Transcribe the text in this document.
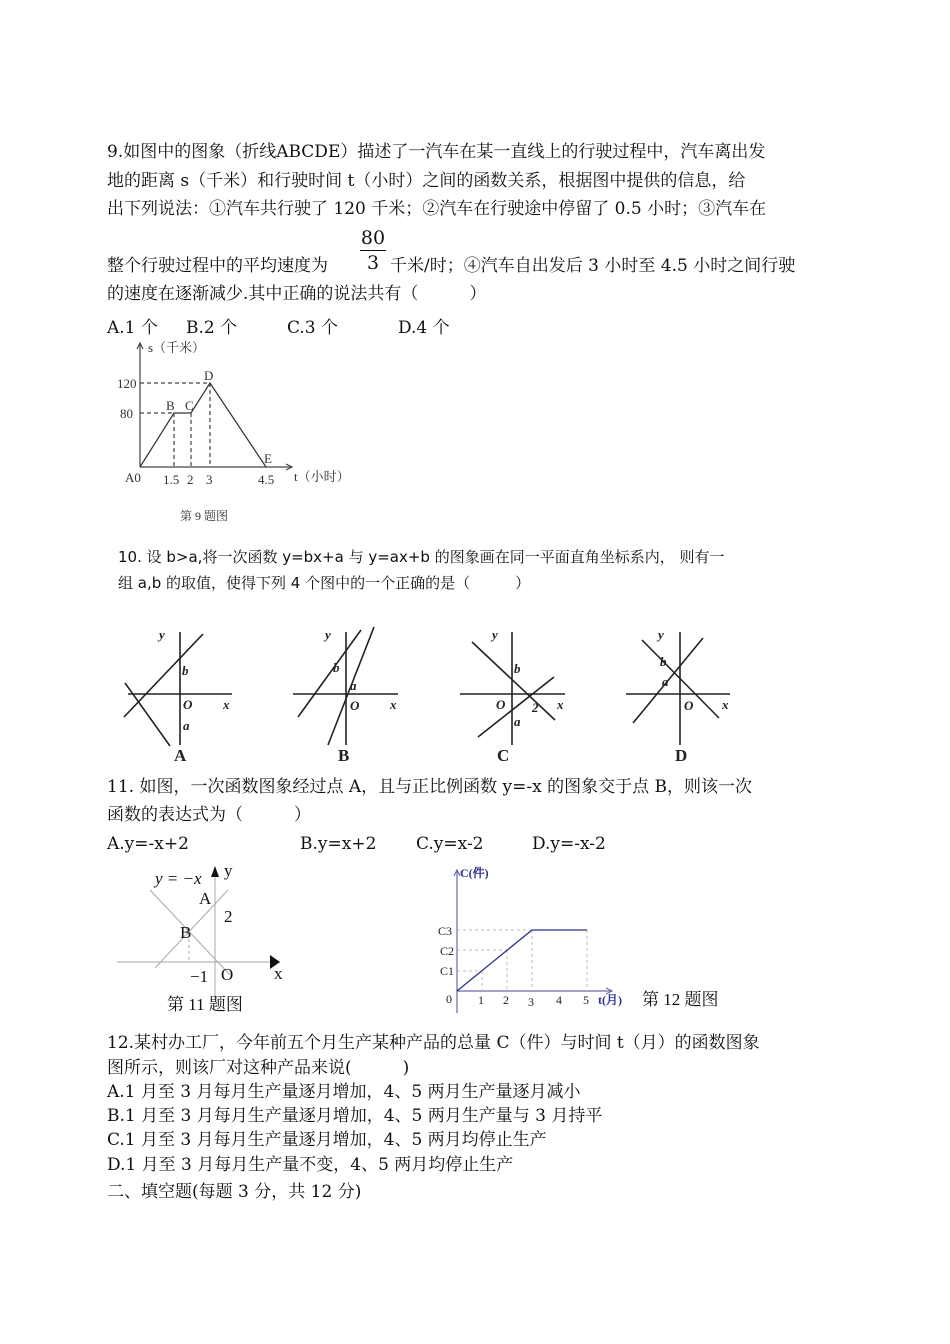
9.如图中的图象（折线ABCDE）描述了一汽车在某一直线上的行驶过程中，汽车离出发
地的距离 s（千米）和行驶时间 t（小时）之间的函数关系，根据图中提供的信息，给
出下列说法：①汽车共行驶了 120 千米；②汽车在行驶途中停留了 0.5 小时；③汽车在
整个行驶过程中的平均速度为 $\frac{80}{3}$ 千米/时；④汽车自出发后 3 小时至 4.5 小时之间行驶
的速度在逐渐减少.其中正确的说法共有（　　　）
A.1 个 B.2 个	C.3 个	D.4 个
s（千米）
t（小时）
120
80
A0 1.5 2 3	4.5
B C
D
E
第 9 题图
10. 设 b>a,将一次函数 y=bx+a 与 y=ax+b 的图象画在同一平面直角坐标系内， 则有一
组 a,b 的取值，使得下列 4 个图中的一个正确的是（　　　）
y
b
O x
a
y
b
a
O x
y
b
O 2 x
a
y
b
a
O x
A	B	C	D
11. 如图，一次函数图象经过点 A，且与正比例函数 y=-x 的图象交于点 B，则该一次
函数的表达式为（　　　）
A.y=-x+2	B.y=x+2 C.y=x-2	D.y=-x-2
y = −x y
A
2
B
−1 O x
第 11 题图
C(件)
C1
C2
C3
0 1 2 3 4 5 t(月) 第 12 题图
12.某村办工厂，今年前五个月生产某种产品的总量 C（件）与时间 t（月）的函数图象
图所示，则该厂对这种产品来说(　　　)
A.1 月至 3 月每月生产量逐月增加，4、5 两月生产量逐月减小
B.1 月至 3 月每月生产量逐月增加，4、5 两月生产量与 3 月持平
C.1 月至 3 月每月生产量逐月增加，4、5 两月均停止生产
D.1 月至 3 月每月生产量不变，4、5 两月均停止生产
二、填空题(每题 3 分，共 12 分)
